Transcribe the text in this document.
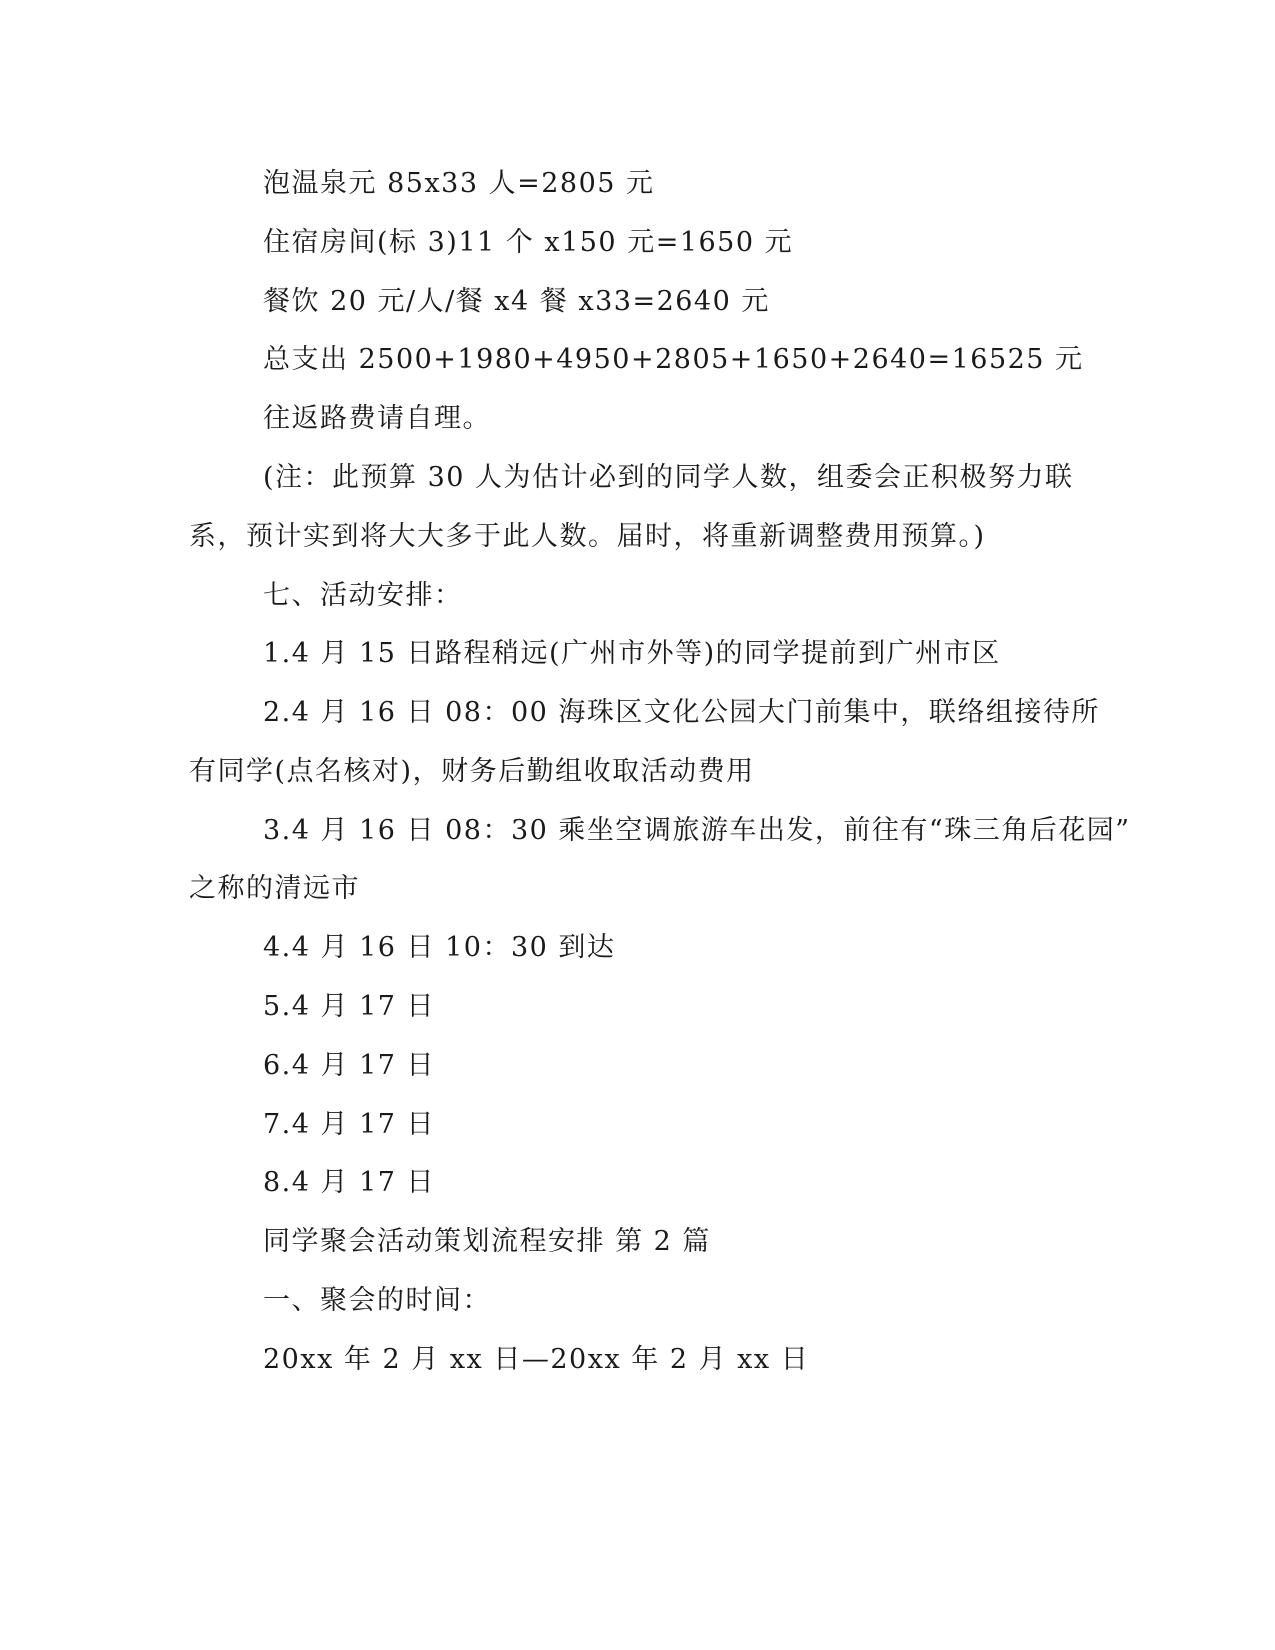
泡温泉元 85x33 人=2805 元
住宿房间(标 3)11 个 x150 元=1650 元
餐饮 20 元/人/餐 x4 餐 x33=2640 元
总支出 2500+1980+4950+2805+1650+2640=16525 元
往返路费请自理。
(注：此预算 30 人为估计必到的同学人数，组委会正积极努力联
系，预计实到将大大多于此人数。届时，将重新调整费用预算。)
七、活动安排：
1.4 月 15 日路程稍远(广州市外等)的同学提前到广州市区
2.4 月 16 日 08：00 海珠区文化公园大门前集中，联络组接待所
有同学(点名核对)，财务后勤组收取活动费用
3.4 月 16 日 08：30 乘坐空调旅游车出发，前往有“珠三角后花园”
之称的清远市
4.4 月 16 日 10：30 到达
5.4 月 17 日
6.4 月 17 日
7.4 月 17 日
8.4 月 17 日
同学聚会活动策划流程安排 第 2 篇
一、聚会的时间：
20xx 年 2 月 xx 日—20xx 年 2 月 xx 日
